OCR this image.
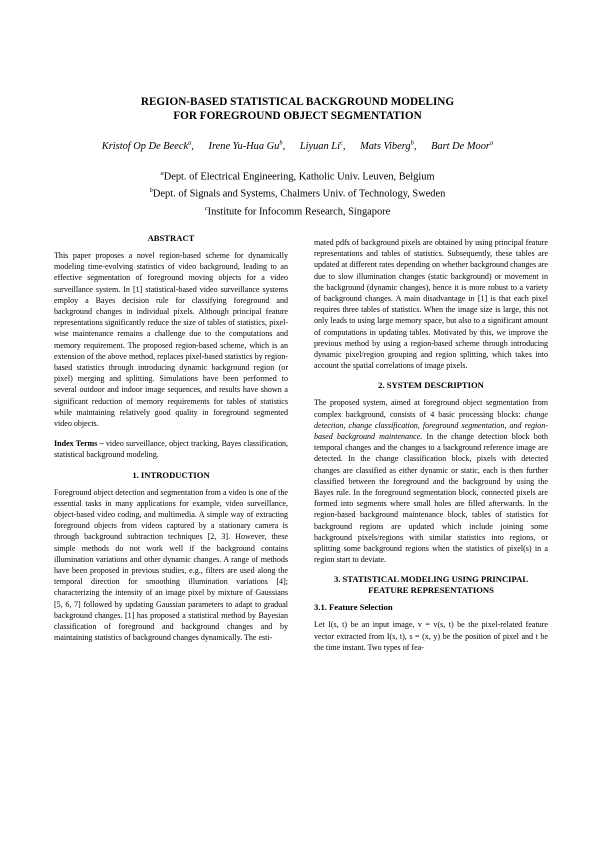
REGION-BASED STATISTICAL BACKGROUND MODELING
FOR FOREGROUND OBJECT SEGMENTATION
Kristof Op De Beeck$^a$, Irene Yu-Hua Gu$^b$, Liyuan Li$^c$, Mats Viberg$^b$, Bart De Moor$^a$
$^a$Dept. of Electrical Engineering, Katholic Univ. Leuven, Belgium
$^b$Dept. of Signals and Systems, Chalmers Univ. of Technology, Sweden
$^c$Institute for Infocomm Research, Singapore
ABSTRACT

This paper proposes a novel region-based scheme for dynamically modeling time-evolving statistics of video background, leading to an effective segmentation of foreground moving objects for a video surveillance system. In [1] statistical-based video surveillance systems employ a Bayes decision rule for classifying foreground and background changes in individual pixels. Although principal feature representations significantly reduce the size of tables of statistics, pixel-wise maintenance remains a challenge due to the computations and memory requirement. The proposed region-based scheme, which is an extension of the above method, replaces pixel-based statistics by region-based statistics through introducing dynamic background region (or pixel) merging and splitting. Simulations have been performed to several outdoor and indoor image sequences, and results have shown a significant reduction of memory requirements for tables of statistics while maintaining relatively good quality in foreground segmented video objects.

Index Terms – video surveillance, object tracking, Bayes classification, statistical background modeling.

1. INTRODUCTION

Foreground object detection and segmentation from a video is one of the essential tasks in many applications for example, video surveillance, object-based video coding, and multimedia. A simple way of extracting foreground objects from videos captured by a stationary camera is through background subtraction techniques [2, 3]. However, these simple methods do not work well if the background contains illumination variations and other dynamic changes. A range of methods have been proposed in previous studies, e.g., filters are used along the temporal direction for smoothing illumination variations [4]; characterizing the intensity of an image pixel by mixture of Gaussians [5, 6, 7] followed by updating Gaussian parameters to adapt to gradual background changes. [1] has proposed a statistical method by Bayesian classification of foreground and background changes and by maintaining statistics of background changes dynamically. The esti-

mated pdfs of background pixels are obtained by using principal feature representations and tables of statistics. Subsequently, these tables are updated at different rates depending on whether background changes are due to slow illumination changes (static background) or movement in the background (dynamic changes), hence it is more robust to a variety of background changes. A main disadvantage in [1] is that each pixel requires three tables of statistics. When the image size is large, this not only leads to using large memory space, but also to a significant amount of computations in updating tables. Motivated by this, we improve the previous method by using a region-based scheme through introducing dynamic pixel/region grouping and region splitting, which takes into account the spatial correlations of image pixels.

2. SYSTEM DESCRIPTION

The proposed system, aimed at foreground object segmentation from complex background, consists of 4 basic processing blocks: change detection, change classification, foreground segmentation, and region-based background maintenance. In the change detection block both temporal changes and the changes to a background reference image are detected. In the change classification block, pixels with detected changes are classified as either dynamic or static, each is then further classified between the foreground and the background by using the Bayes rule. In the foreground segmentation block, connected pixels are formed into segments where small holes are filled afterwards. In the region-based background maintenance block, tables of statistics for background regions are updated which include joining some background pixels/regions with similar statistics into regions, or splitting some background regions when the statistics of pixel(s) in a region start to deviate.

3. STATISTICAL MODELING USING PRINCIPAL
FEATURE REPRESENTATIONS
3.1. Feature Selection

Let I(s, t) be an input image, v = v(s, t) be the pixel-related feature vector extracted from I(s, t), s = (x, y) be the position of pixel and t be the time instant. Two types of fea-
